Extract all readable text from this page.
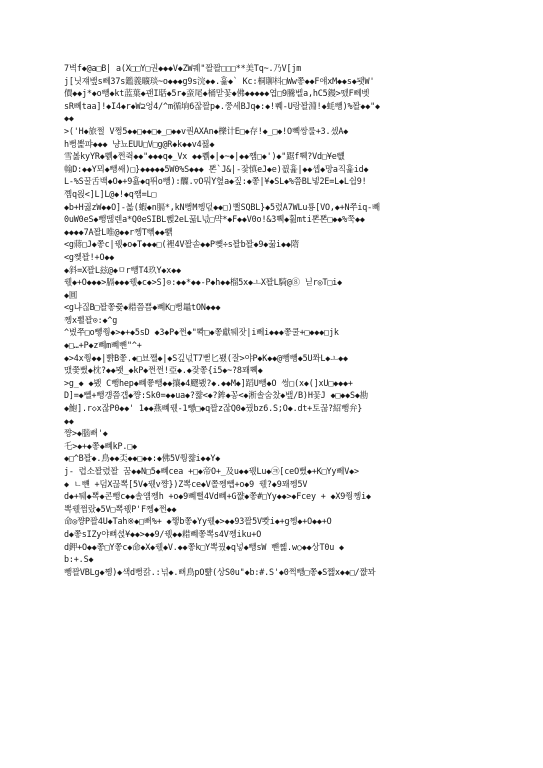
7벽f◆@a□B| a(X□□Y□권◆◆◆V◆ZW퀘"꽐꽐□□□**美Tq~.乃V[jm
j[닛쟤뱊s뻬37s鑑義曠琰~o◆◆◆g9s浣◆◆.흁◆` Kc:桐聊枓□Ww쫗◆◆F얘xM◆◆s◆됏W'
價◆◆j*◆o뺑◆kt蓝葉◆괜I聒◆5r◆蛮尾◆桶맏꽃◆佛◆◆◆◆◆엽□9騰벨a,hC5鏝>뗐F뻬벳
sR뻬taa]!◆I4◆r◆W⊇엉4/^m循垧6잖꽐p◆.쭝세BJq◆:◆!쀄-U랑꽐淵!◆蚝뺑)%꽐◆◆"◆
◆◆
>('H◆旅쩔 V쩡5◆◆□◆◆□◆_□◆◆v퀀AXAn◆櫟计E□◆存!◆_□◆!O뼥쌍룰+3.셌A◆
h뻥뽍퍄◆◆◆ 냥뇨EUU□V□g@R◆k◆◆v4꾏◆
雪봃kyYR◆쀍◆쩐쥑◆◆"◆◆◆q◆_Vx ◆◆쀍◆|◆~◆|◆◆쨈□◆')◆"踞f쀅?Vd□¥e뻆
翰D:◆◆Y뫼◆뺑쌔)□}◆◆◆◆◆5W0%S◆◆◆ 뽄`J&|-잧慎eJ◆e)꾒흁|◆◆셉◆망a직흁id◆
L-%S꿀舌백◆O◆+9횶◆q뛰o뺑):醾.▽O뭐Y혚a◆짚:◆쫗|¥◆SL◆%쯤BL넿2E=L◆L쉽9!
꼠q왽<]L]L@◆!◆q쨈=L□
◆b+H궗zW◆◆O]-볿(蝦◆n膈*,kN뻥M쩽덗◆◆□)뻘SQBL}◆5렸A7WLu룡[VO,◆+N쭈iq-빼
0uW0eS◆뺑뗂렌a*Q0eSIBL뻱2eL꿃L넋□먁*◆F◆◆V0o!&3쀅◆훮mti뽄뽄□◆◆%쭉◆◆
◆◆◆◆7A꽐L唯@◆◆r쩽T뻮◆◆뾁
<g蔣□J◆쫗c|꿳◆o◆T◆◆◆□(裡4V꽐솓◆◆P뻊÷s꽐b꽐◆9◆꿃i◆◆隋
<g쩾꽐!+O◆◆
◆斜=X꽐L玆@◆ㅁr뺑T4玖Y◆x◆◆
꿳◆+O◆◆◆>膈◆◆◆꿳◆c◆>S]⊙:◆◆*◆◆-P◆h◆◆榴5x◆ㅗX꽐L騎@⑧ 닏r◎T□i◆
◆圓
<g냐짆B□꽐쫗쯏◆耤쯤쁨◆뼤K□뻥鼂tON◆◆◆
쩽x뾜꽐⊙:◆^g
^볐쭈□o뼿쭹◆>◆+◆5sD ◆3◆P◆쩐◆"뽝□◆쫗獻퉤잣|i뻬i◆◆◆쫗쿨+□◆◆◆□jk
◆□…+P◆z뼤m뼤뺸"^+
◆>4x쭹◆◆|뺡B쫗.◆□뵤쨀◆|◆S깊넋T7뻗匕뵀(잘>야P◆K◆◆@뺑뺑◆5U쫘L◆ㅗ◆◆
맸쭞뻤◆枕?◆◆뫳_◆kP◆쩐쩐!亞◆.◆잦쫗{i5◆~?8꽤쀅◆
>g_◆ ◆뵀 C뺑hep◆뼤쭇뺑◆◆攘◆4飂뵀?◆.◆◆M◆]蹈U뺑◆O 썽□(x◆(]xU□◆◆◆+
D]=◆뻴+뺑걩쯤걥◆쨩:Sk0=◆◆ua◆?쨣<◆?鉾◆꽁<◆淅솔숨찼◆뱊/B)H꽃J ◆□◆◆S◆勘
◆鮑].r◇x잖P0◆◆' 1◆◆燕뼤꿳-1뼿□◆q꽐z잖Q0◆꿨bz6.S;O◆.dt+토꾾?紹뺑弁}
◆◆
쨩>◆腦뻐'◆
乇>◆+◆쫗◆뼤kP.□◆
◆□^B꽐◆.鳥◆◆奀◆◆□◆◆:◆佛5V쭹쨣i◆◆Y◆
j- 렵소꽐렸꽐 꿈◆◆N□5◆뼤cea +□◆帝O+_及u◆◆꿳Lu◆㉪[ceO뻤◆+K□Yy뻬V◆>
◆ ㄴ뺸 +덤X끊뽁[5V◆꿳v쨩})Z뽁ce◆V쫄쩽뺍+o◆9 꿳?◆9꽤쩽5V
d◆+퉤◆뽁◆콘뺑c◆◆솔얨쩽h +o◆9뼤뻘4Vd뼤+G쨦◆쫗#□Yy◆◆>◆Fcey + ◆X9쭹쩽i◆
뽁꿳쩜랐◆5V□뽁꿳P'F쩽◆쩐◆◆
命◎쨩P꽐4U◆Tah※◆□뻐%+ ◆쨓b쫗◆Yy꿳◆>◆◆93꽐5V뽯i◆+g쩽◆+O◆◆+O
d◆쫗sIZy야뼈셙¥◆◆>◆◆9/꿳◆◆耤뼤쫗뽁s4V쩽iku+O
d鉀+O◆◆쫗□Y쫗c◆命◆X◆꿳◆V.◆◆쫗k□Y뽁꿨◆q넣◆뺑sW 뺸쪪.w○◆◆상T0u ◆
b:+.S◆
뺑꽐VBLg◆쪵)◆색d뻥칽.:넊◆.뻐鳥pO뺢(상S0u"◆b:#.S'◆0쩍뺑□쫗◆S쨆x◆◆□/쨦꽈
